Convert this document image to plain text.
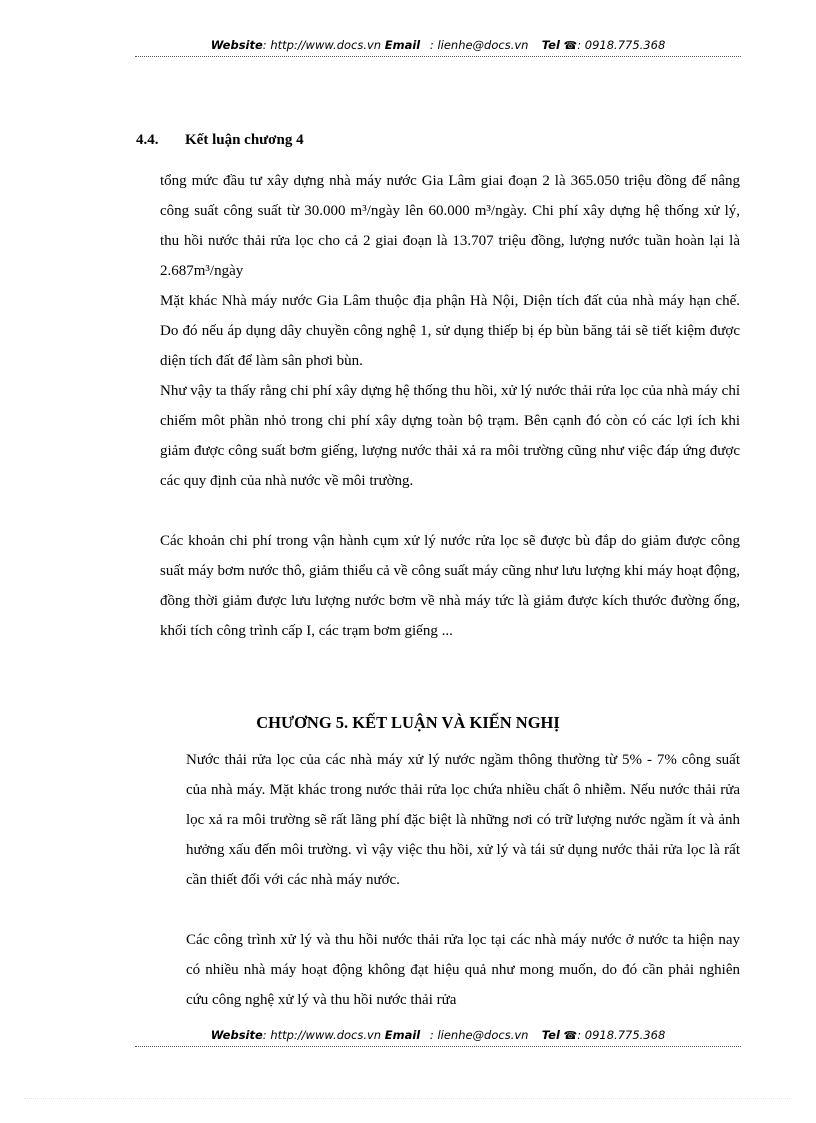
Website: http://www.docs.vn Email : lienhe@docs.vn Tel ☎: 0918.775.368
4.4. Kết luận chương 4

tổng mức đầu tư xây dựng nhà máy nước Gia Lâm giai đoạn 2 là 365.050 triệu đồng để nâng công suất công suất từ 30.000 m³/ngày lên 60.000 m³/ngày. Chi phí xây dựng hệ thống xử lý, thu hồi nước thải rửa lọc cho cả 2 giai đoạn là 13.707 triệu đồng, lượng nước tuần hoàn lại là 2.687m³/ngày

Mặt khác Nhà máy nước Gia Lâm thuộc địa phận Hà Nội, Diện tích đất của nhà máy hạn chế. Do đó nếu áp dụng dây chuyền công nghệ 1, sử dụng thiếp bị ép bùn băng tải sẽ tiết kiệm được diện tích đất để làm sân phơi bùn.

Như vậy ta thấy rằng chi phí xây dựng hệ thống thu hồi, xử lý nước thải rửa lọc của nhà máy chỉ chiếm môt phần nhỏ trong chi phí xây dựng toàn bộ trạm. Bên cạnh đó còn có các lợi ích khi giảm được công suất bơm giếng, lượng nước thải xả ra môi trường cũng như việc đáp ứng được các quy định của nhà nước về môi trường.

Các khoản chi phí trong vận hành cụm xử lý nước rửa lọc sẽ được bù đắp do giảm được công suất máy bơm nước thô, giảm thiểu cả về công suất máy cũng như lưu lượng khi máy hoạt động, đồng thời giảm được lưu lượng nước bơm về nhà máy tức là giảm được kích thước đường ống, khối tích công trình cấp I, các trạm bơm giếng ...

CHƯƠNG 5. KẾT LUẬN VÀ KIẾN NGHỊ

Nước thải rửa lọc của các nhà máy xử lý nước ngầm thông thường từ 5% - 7% công suất của nhà máy. Mặt khác trong nước thải rửa lọc chứa nhiều chất ô nhiễm. Nếu nước thải rửa lọc xả ra môi trường sẽ rất lãng phí đặc biệt là những nơi có trữ lượng nước ngầm ít và ảnh hưởng xấu đến môi trường. vì vậy việc thu hồi, xử lý và tái sử dụng nước thải rửa lọc là rất cần thiết đối với các nhà máy nước.

Các công trình xử lý và thu hồi nước thải rửa lọc tại các nhà máy nước ở nước ta hiện nay có nhiều nhà máy hoạt động không đạt hiệu quả như mong muốn, do đó cần phải nghiên cứu công nghệ xử lý và thu hồi nước thải rửa

Website: http://www.docs.vn Email : lienhe@docs.vn Tel ☎: 0918.775.368
